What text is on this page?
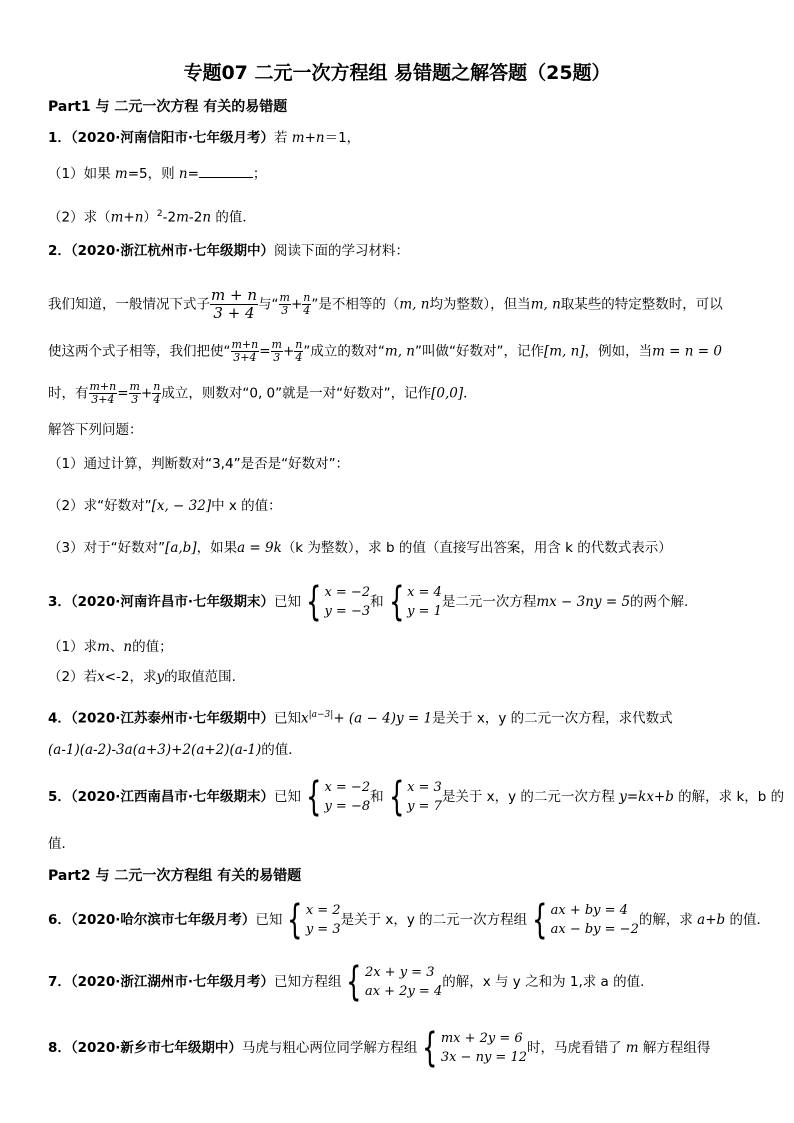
专题07 二元一次方程组 易错题之解答题（25题）
Part1 与 二元一次方程 有关的易错题
1．（2020·河南信阳市·七年级月考）若 m+n＝1，
（1）如果 m=5，则 n=	；
（2）求$(m+n)^2-2m-2n$ 的值．
2．（2020·浙江杭州市·七年级期中）阅读下面的学习材料：
我们知道，一般情况下式子 $\frac{m + n}{3 + 4}$ 与“ $\frac{m}{3} + \frac{n}{4}$ ”是不相等的（m, n均为整数），但当m, n取某些的特定整数时，可以
使这两个式子相等，我们把使“ $\frac{m+n}{3+4} = \frac{m}{3} + \frac{n}{4}$ ”成立的数对“m, n”叫做“好数对”，记作[m, n]，例如，当m = n = 0
时，有 $\frac{m+n}{3+4} = \frac{m}{3} + \frac{n}{4}$ 成立，则数对“0, 0”就是一对“好数对”，记作[0,0]．
解答下列问题：
（1）通过计算，判断数对“3,4”是否是“好数对”：
（2）求“好数对”[x, − 32]中 x 的值：
（3）对于“好数对”[a,b]，如果a = 9k（k 为整数），求 b 的值（直接写出答案，用含 k 的代数式表示）
3．（2020·河南许昌市·七年级期末）已知 { x = −2
y = −3
和 { x = 4
y = 1
是二元一次方程mx − 3ny = 5的两个解.
（1）求m、n的值；
（2）若x<-2，求y的取值范围.
4．（2020·江苏泰州市·七年级期中）已知$x^{|a-3|}+ (a - 4)y = 1$是关于 x，y 的二元一次方程，求代数式
(a-1)(a-2)-3a(a+3)+2(a+2)(a-1)的值．
5．（2020·江西南昌市·七年级期末）已知 { x = −2
y = −8
和 { x = 3
y = 7
是关于 x，y 的二元一次方程 y=kx+b 的解，求 k，b 的
值．
Part2 与 二元一次方程组 有关的易错题
6．（2020·哈尔滨市七年级月考）已知 { x = 2
y = 3
是关于 x，y 的二元一次方程组 { ax + by = 4
ax − by = −2
的解，求 a+b 的值．
7．（2020·浙江湖州市·七年级月考）已知方程组 { 2x + y = 3
ax + 2y = 4
的解，x 与 y 之和为 1,求 a 的值.
8．（2020·新乡市七年级期中）马虎与粗心两位同学解方程组 { mx + 2y = 6
3x − ny = 12
时，马虎看错了 m 解方程组得
